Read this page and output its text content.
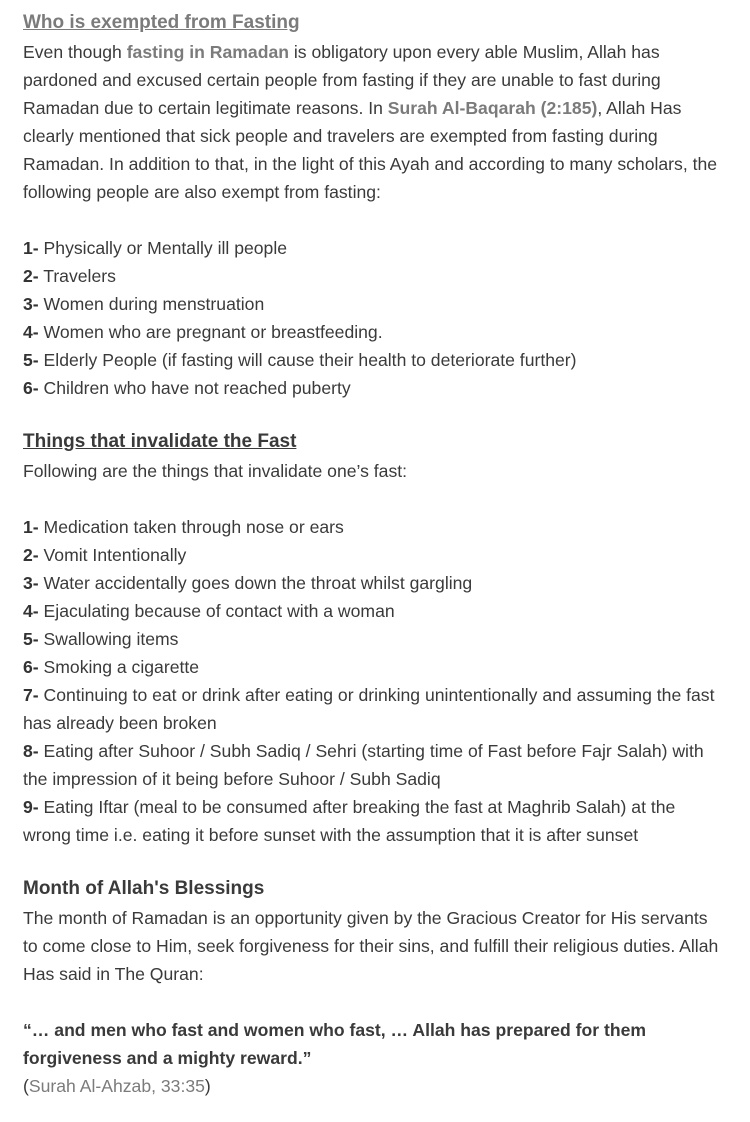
Who is exempted from Fasting

Even though fasting in Ramadan is obligatory upon every able Muslim, Allah has pardoned and excused certain people from fasting if they are unable to fast during Ramadan due to certain legitimate reasons. In Surah Al-Baqarah (2:185), Allah Has clearly mentioned that sick people and travelers are exempted from fasting during Ramadan. In addition to that, in the light of this Ayah and according to many scholars, the following people are also exempt from fasting:

1- Physically or Mentally ill people
2- Travelers
3- Women during menstruation
4- Women who are pregnant or breastfeeding.
5- Elderly People (if fasting will cause their health to deteriorate further)
6- Children who have not reached puberty
Things that invalidate the Fast

Following are the things that invalidate one’s fast:

1- Medication taken through nose or ears
2- Vomit Intentionally
3- Water accidentally goes down the throat whilst gargling
4- Ejaculating because of contact with a woman
5- Swallowing items
6- Smoking a cigarette
7- Continuing to eat or drink after eating or drinking unintentionally and assuming the fast has already been broken
8- Eating after Suhoor / Subh Sadiq / Sehri (starting time of Fast before Fajr Salah) with the impression of it being before Suhoor / Subh Sadiq
9- Eating Iftar (meal to be consumed after breaking the fast at Maghrib Salah) at the wrong time i.e. eating it before sunset with the assumption that it is after sunset
Month of Allah's Blessings

The month of Ramadan is an opportunity given by the Gracious Creator for His servants to come close to Him, seek forgiveness for their sins, and fulfill their religious duties. Allah Has said in The Quran:

“… and men who fast and women who fast, … Allah has prepared for them forgiveness and a mighty reward.”

(Surah Al-Ahzab, 33:35)
